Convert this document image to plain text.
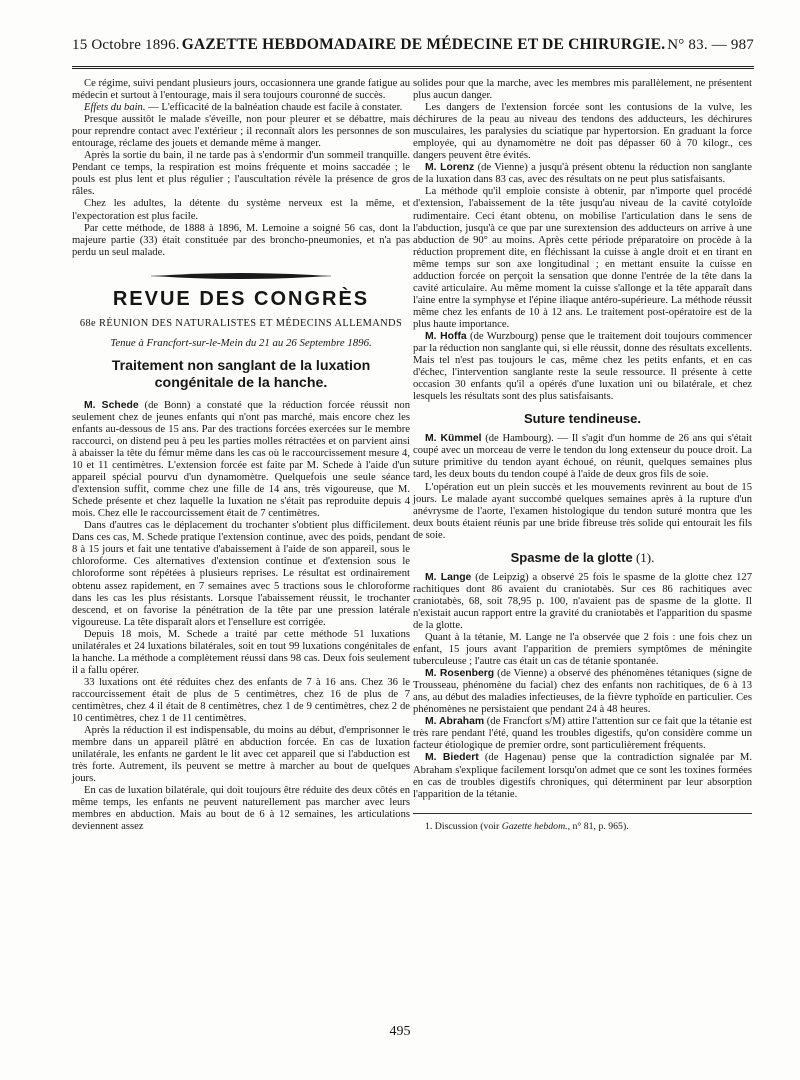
15 Octobre 1896. GAZETTE HEBDOMADAIRE DE MÉDECINE ET DE CHIRURGIE. N° 83. — 987

Ce régime, suivi pendant plusieurs jours, occasionnera une grande fatigue au médecin et surtout à l'entourage, mais il sera toujours couronné de succès.

Effets du bain. — L'efficacité de la balnéation chaude est facile à constater.

Presque aussitôt le malade s'éveille, non pour pleurer et se débattre, mais pour reprendre contact avec l'extérieur ; il reconnaît alors les personnes de son entourage, réclame des jouets et demande même à manger.

Après la sortie du bain, il ne tarde pas à s'endormir d'un sommeil tranquille. Pendant ce temps, la respiration est moins fréquente et moins saccadée ; le pouls est plus lent et plus régulier ; l'auscultation révèle la présence de gros râles.

Chez les adultes, la détente du système nerveux est la même, et l'expectoration est plus facile.

Par cette méthode, de 1888 à 1896, M. Lemoine a soigné 56 cas, dont la majeure partie (33) était constituée par des broncho-pneumonies, et n'a pas perdu un seul malade.

REVUE DES CONGRÈS
68e RÉUNION DES NATURALISTES ET MÉDECINS ALLEMANDS
Tenue à Francfort-sur-le-Mein du 21 au 26 Septembre 1896.
Traitement non sanglant de la luxation congénitale de la hanche.

M. Schede (de Bonn) a constaté que la réduction forcée réussit non seulement chez de jeunes enfants qui n'ont pas marché, mais encore chez les enfants au-dessous de 15 ans. Par des tractions forcées exercées sur le membre raccourci, on distend peu à peu les parties molles rétractées et on parvient ainsi à abaisser la tête du fémur même dans les cas où le raccourcissement mesure 4, 10 et 11 centimètres. L'extension forcée est faite par M. Schede à l'aide d'un appareil spécial pourvu d'un dynamomètre. Quelquefois une seule séance d'extension suffit, comme chez une fille de 14 ans, très vigoureuse, que M. Schede présente et chez laquelle la luxation ne s'était pas reproduite depuis 4 mois. Chez elle le raccourcissement était de 7 centimètres.

Dans d'autres cas le déplacement du trochanter s'obtient plus difficilement. Dans ces cas, M. Schede pratique l'extension continue, avec des poids, pendant 8 à 15 jours et fait une tentative d'abaissement à l'aide de son appareil, sous le chloroforme. Ces alternatives d'extension continue et d'extension sous le chloroforme sont répétées à plusieurs reprises. Le résultat est ordinairement obtenu assez rapidement, en 7 semaines avec 5 tractions sous le chloroforme dans les cas les plus résistants. Lorsque l'abaissement réussit, le trochanter descend, et on favorise la pénétration de la tête par une pression latérale vigoureuse. La tête disparaît alors et l'ensellure est corrigée.

Depuis 18 mois, M. Schede a traité par cette méthode 51 luxations unilatérales et 24 luxations bilatérales, soit en tout 99 luxations congénitales de la hanche. La méthode a complètement réussi dans 98 cas. Deux fois seulement il a fallu opérer.

33 luxations ont été réduites chez des enfants de 7 à 16 ans. Chez 36 le raccourcissement était de plus de 5 centimètres, chez 16 de plus de 7 centimètres, chez 4 il était de 8 centimètres, chez 1 de 9 centimètres, chez 2 de 10 centimètres, chez 1 de 11 centimètres.

Après la réduction il est indispensable, du moins au début, d'emprisonner le membre dans un appareil plâtré en abduction forcée. En cas de luxation unilatérale, les enfants ne gardent le lit avec cet appareil que si l'abduction est très forte. Autrement, ils peuvent se mettre à marcher au bout de quelques jours.

En cas de luxation bilatérale, qui doit toujours être réduite des deux côtés en même temps, les enfants ne peuvent naturellement pas marcher avec leurs membres en abduction. Mais au bout de 6 à 12 semaines, les articulations deviennent assez

solides pour que la marche, avec les membres mis parallèlement, ne présentent plus aucun danger.

Les dangers de l'extension forcée sont les contusions de la vulve, les déchirures de la peau au niveau des tendons des adducteurs, les déchirures musculaires, les paralysies du sciatique par hypertorsion. En graduant la force employée, qui au dynamomètre ne doit pas dépasser 60 à 70 kilogr., ces dangers peuvent être évités.

M. Lorenz (de Vienne) a jusqu'à présent obtenu la réduction non sanglante de la luxation dans 83 cas, avec des résultats on ne peut plus satisfaisants.

La méthode qu'il emploie consiste à obtenir, par n'importe quel procédé d'extension, l'abaissement de la tête jusqu'au niveau de la cavité cotyloïde rudimentaire. Ceci étant obtenu, on mobilise l'articulation dans le sens de l'abduction, jusqu'à ce que par une surextension des adducteurs on arrive à une abduction de 90° au moins. Après cette période préparatoire on procède à la réduction proprement dite, en fléchissant la cuisse à angle droit et en tirant en même temps sur son axe longitudinal ; en mettant ensuite la cuisse en adduction forcée on perçoit la sensation que donne l'entrée de la tête dans la cavité articulaire. Au même moment la cuisse s'allonge et la tête apparaît dans l'aine entre la symphyse et l'épine iliaque antéro-supérieure. La méthode réussit même chez les enfants de 10 à 12 ans. Le traitement post-opératoire est de la plus haute importance.

M. Hoffa (de Wurzbourg) pense que le traitement doit toujours commencer par la réduction non sanglante qui, si elle réussit, donne des résultats excellents. Mais tel n'est pas toujours le cas, même chez les petits enfants, et en cas d'échec, l'intervention sanglante reste la seule ressource. Il présente à cette occasion 30 enfants qu'il a opérés d'une luxation uni ou bilatérale, et chez lesquels les résultats sont des plus satisfaisants.

Suture tendineuse.

M. Kümmel (de Hambourg). — Il s'agit d'un homme de 26 ans qui s'était coupé avec un morceau de verre le tendon du long extenseur du pouce droit. La suture primitive du tendon ayant échoué, on réunit, quelques semaines plus tard, les deux bouts du tendon coupé à l'aide de deux gros fils de soie.

L'opération eut un plein succès et les mouvements revinrent au bout de 15 jours. Le malade ayant succombé quelques semaines après à la rupture d'un anévrysme de l'aorte, l'examen histologique du tendon suturé montra que les deux bouts étaient réunis par une bride fibreuse très solide qui entourait les fils de soie.

Spasme de la glotte (1).

M. Lange (de Leipzig) a observé 25 fois le spasme de la glotte chez 127 rachitiques dont 86 avaient du craniotabès. Sur ces 86 rachitiques avec craniotabès, 68, soit 78,95 p. 100, n'avaient pas de spasme de la glotte. Il n'existait aucun rapport entre la gravité du craniotabès et l'apparition du spasme de la glotte.

Quant à la tétanie, M. Lange ne l'a observée que 2 fois : une fois chez un enfant, 15 jours avant l'apparition de premiers symptômes de méningite tuberculeuse ; l'autre cas était un cas de tétanie spontanée.

M. Rosenberg (de Vienne) a observé des phénomènes tétaniques (signe de Trousseau, phénomène du facial) chez des enfants non rachitiques, de 6 à 13 ans, au début des maladies infectieuses, de la fièvre typhoïde en particulier. Ces phénomènes ne persistaient que pendant 24 à 48 heures.

M. Abraham (de Francfort s/M) attire l'attention sur ce fait que la tétanie est très rare pendant l'été, quand les troubles digestifs, qu'on considère comme un facteur étiologique de premier ordre, sont particulièrement fréquents.

M. Biedert (de Hagenau) pense que la contradiction signalée par M. Abraham s'explique facilement lorsqu'on admet que ce sont les toxines formées en cas de troubles digestifs chroniques, qui déterminent par leur absorption l'apparition de la tétanie.

1. Discussion (voir Gazette hebdom., n° 81, p. 965).

495
